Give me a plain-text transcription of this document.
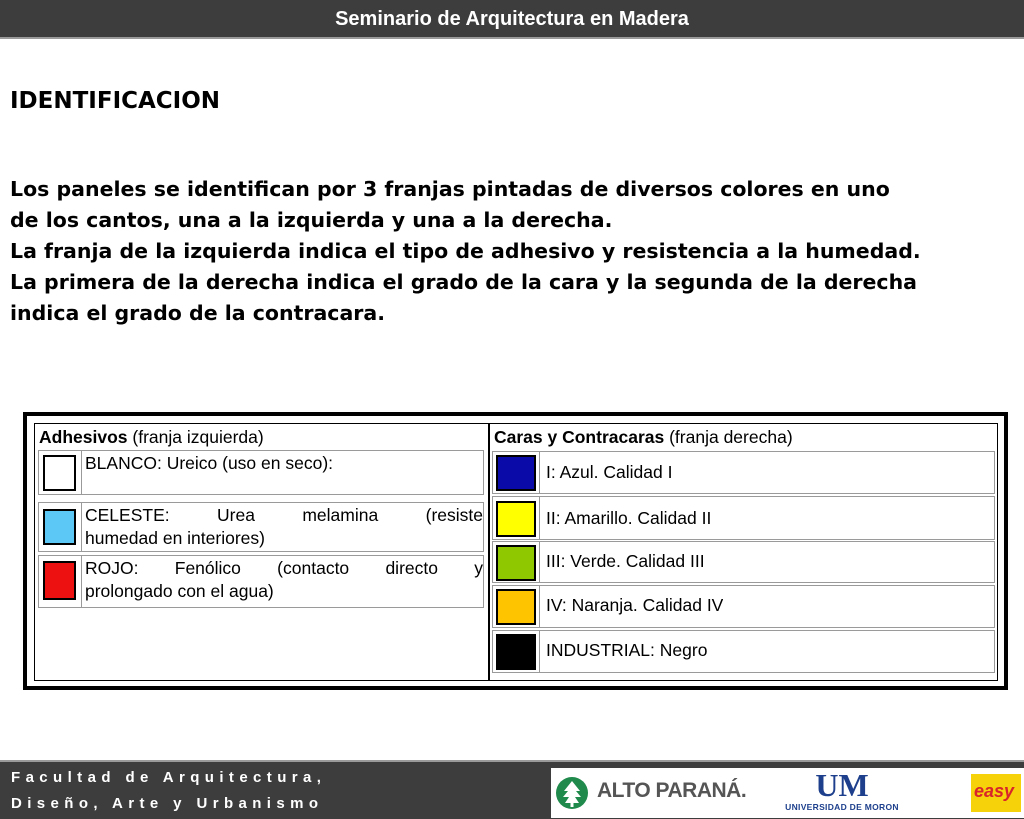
Seminario de Arquitectura en Madera
IDENTIFICACION
Los paneles se identifican por 3 franjas pintadas de diversos colores en uno
de los cantos, una a la izquierda y una a la derecha.
La franja de la izquierda indica el tipo de adhesivo y resistencia a la humedad.
La primera de la derecha indica el grado de la cara y la segunda de la derecha
indica el grado de la contracara.
Adhesivos (franja izquierda)
BLANCO: Ureico (uso en seco):
CELESTE: Urea melamina (resiste
humedad en interiores)
ROJO: Fenólico (contacto directo y
prolongado con el agua)
Caras y Contracaras (franja derecha)
I: Azul. Calidad I
II: Amarillo. Calidad II
III: Verde. Calidad III
IV: Naranja. Calidad IV
INDUSTRIAL: Negro
Facultad de Arquitectura,
Diseño, Arte y Urbanismo
ALTO PARANÁ.	UM
UNIVERSIDAD DE MORON
easy
